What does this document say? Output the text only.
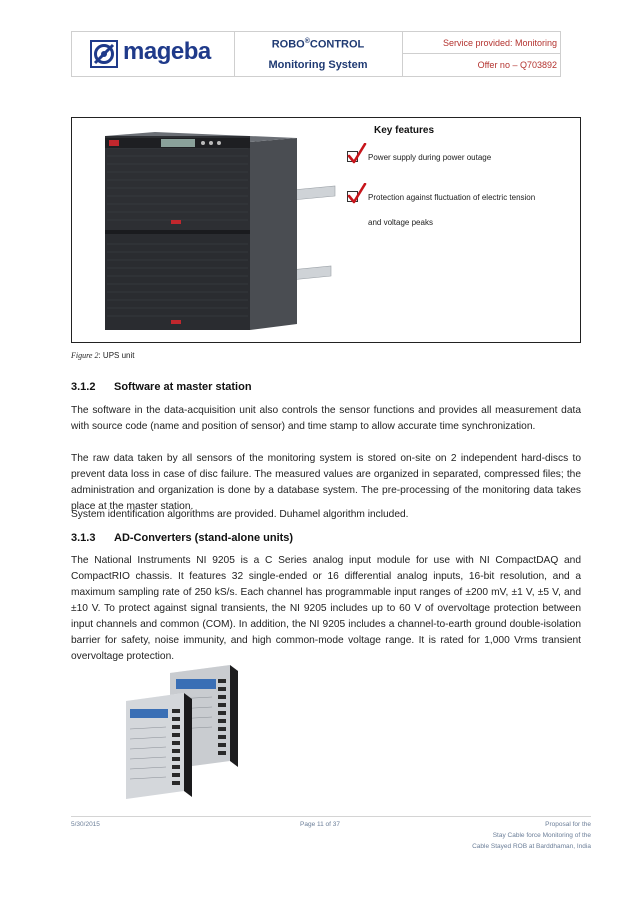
mageba	ROBO®CONTROL
Monitoring System
Service provided: Monitoring
Offer no – Q703892
Key features
Power supply during power outage
Protection against fluctuation of electric tension
and voltage peaks
Figure 2: UPS unit
3.1.2 Software at master station
The software in the data-acquisition unit also controls the sensor functions and provides all measurement data with source code (name and position of sensor) and time stamp to allow accurate time synchronization.
The raw data taken by all sensors of the monitoring system is stored on-site on 2 independent hard-discs to prevent data loss in case of disc failure. The measured values are organized in separated, compressed files; the administration and organization is done by a database system. The pre-processing of the monitoring data takes place at the master station.
System identification algorithms are provided. Duhamel algorithm included.
3.1.3 AD-Converters (stand-alone units)
The National Instruments NI 9205 is a C Series analog input module for use with NI CompactDAQ and CompactRIO chassis. It features 32 single-ended or 16 differential analog inputs, 16-bit resolution, and a maximum sampling rate of 250 kS/s. Each channel has programmable input ranges of ±200 mV, ±1 V, ±5 V, and ±10 V. To protect against signal transients, the NI 9205 includes up to 60 V of overvoltage protection between input channels and common (COM). In addition, the NI 9205 includes a channel-to-earth ground double-isolation barrier for safety, noise immunity, and high common-mode voltage range. It is rated for 1,000 Vrms transient overvoltage protection.
5/30/2015	Page 11 of 37	Proposal for the
Stay Cable force Monitoring of the
Cable Stayed ROB at Barddhaman, India
